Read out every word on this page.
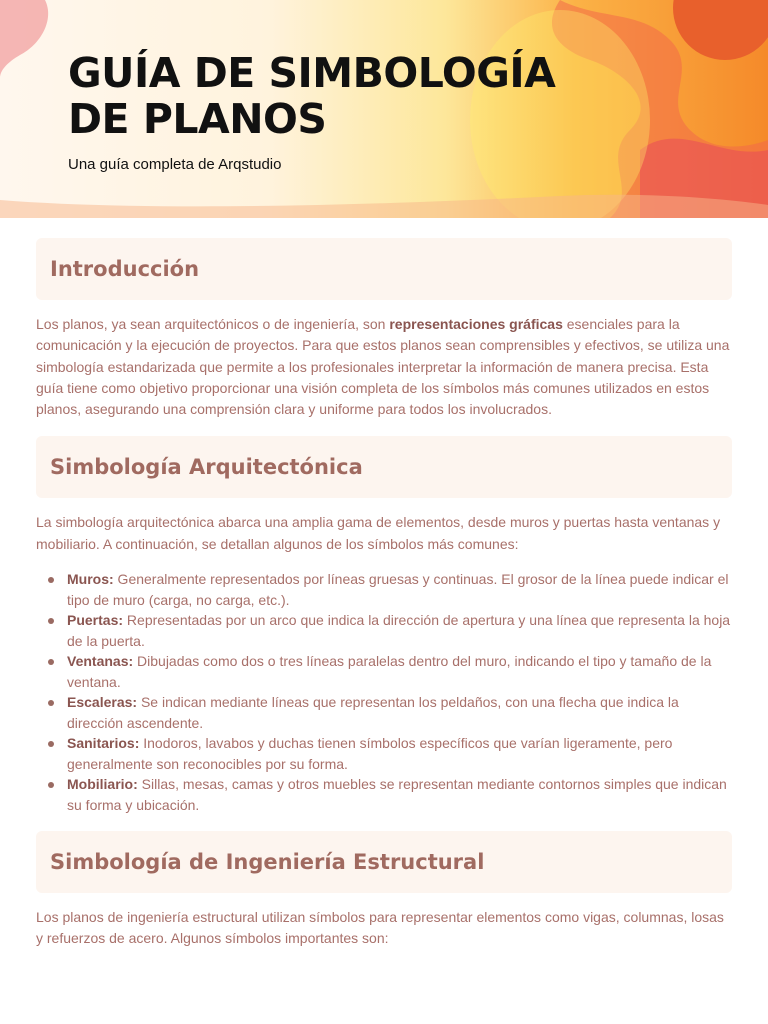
GUÍA DE SIMBOLOGÍA
DE PLANOS
Una guía completa de Arqstudio
Introducción

Los planos, ya sean arquitectónicos o de ingeniería, son representaciones gráficas esenciales para la comunicación y la ejecución de proyectos. Para que estos planos sean comprensibles y efectivos, se utiliza una simbología estandarizada que permite a los profesionales interpretar la información de manera precisa. Esta guía tiene como objetivo proporcionar una visión completa de los símbolos más comunes utilizados en estos planos, asegurando una comprensión clara y uniforme para todos los involucrados.

Simbología Arquitectónica

La simbología arquitectónica abarca una amplia gama de elementos, desde muros y puertas hasta ventanas y mobiliario. A continuación, se detallan algunos de los símbolos más comunes:

Muros: Generalmente representados por líneas gruesas y continuas. El grosor de la línea puede indicar el tipo de muro (carga, no carga, etc.).
Puertas: Representadas por un arco que indica la dirección de apertura y una línea que representa la hoja de la puerta.
Ventanas: Dibujadas como dos o tres líneas paralelas dentro del muro, indicando el tipo y tamaño de la ventana.
Escaleras: Se indican mediante líneas que representan los peldaños, con una flecha que indica la dirección ascendente.
Sanitarios: Inodoros, lavabos y duchas tienen símbolos específicos que varían ligeramente, pero generalmente son reconocibles por su forma.
Mobiliario: Sillas, mesas, camas y otros muebles se representan mediante contornos simples que indican su forma y ubicación.
Simbología de Ingeniería Estructural

Los planos de ingeniería estructural utilizan símbolos para representar elementos como vigas, columnas, losas y refuerzos de acero. Algunos símbolos importantes son:
